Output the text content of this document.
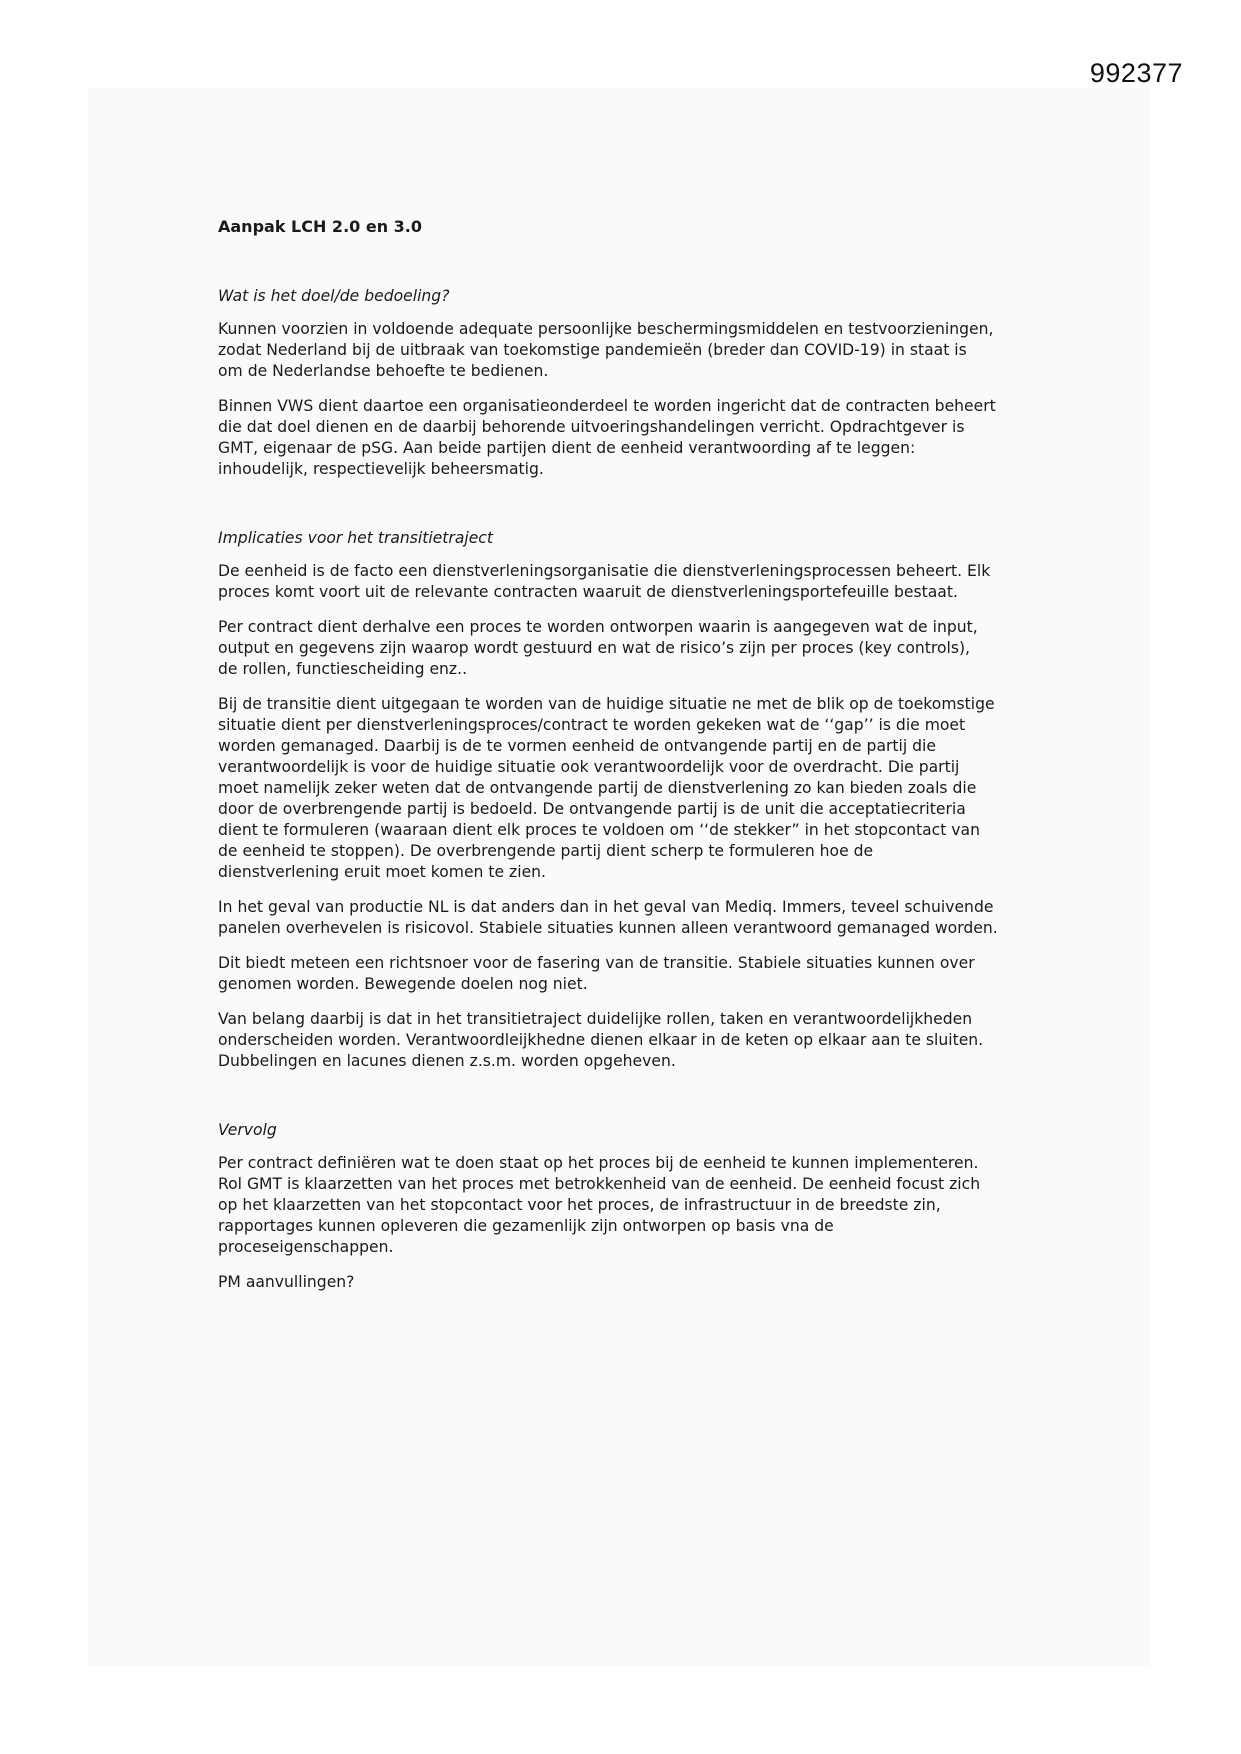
992377
Aanpak LCH 2.0 en 3.0
Wat is het doel/de bedoeling?

Kunnen voorzien in voldoende adequate persoonlijke beschermingsmiddelen en testvoorzieningen,
zodat Nederland bij de uitbraak van toekomstige pandemieën (breder dan COVID-19) in staat is
om de Nederlandse behoefte te bedienen.

Binnen VWS dient daartoe een organisatieonderdeel te worden ingericht dat de contracten beheert
die dat doel dienen en de daarbij behorende uitvoeringshandelingen verricht. Opdrachtgever is
GMT, eigenaar de pSG. Aan beide partijen dient de eenheid verantwoording af te leggen:
inhoudelijk, respectievelijk beheersmatig.

Implicaties voor het transitietraject

De eenheid is de facto een dienstverleningsorganisatie die dienstverleningsprocessen beheert. Elk
proces komt voort uit de relevante contracten waaruit de dienstverleningsportefeuille bestaat.

Per contract dient derhalve een proces te worden ontworpen waarin is aangegeven wat de input,
output en gegevens zijn waarop wordt gestuurd en wat de risico’s zijn per proces (key controls),
de rollen, functiescheiding enz..

Bij de transitie dient uitgegaan te worden van de huidige situatie ne met de blik op de toekomstige
situatie dient per dienstverleningsproces/contract te worden gekeken wat de ‘‘gap’’ is die moet
worden gemanaged. Daarbij is de te vormen eenheid de ontvangende partij en de partij die
verantwoordelijk is voor de huidige situatie ook verantwoordelijk voor de overdracht. Die partij
moet namelijk zeker weten dat de ontvangende partij de dienstverlening zo kan bieden zoals die
door de overbrengende partij is bedoeld. De ontvangende partij is de unit die acceptatiecriteria
dient te formuleren (waaraan dient elk proces te voldoen om ‘‘de stekker” in het stopcontact van
de eenheid te stoppen). De overbrengende partij dient scherp te formuleren hoe de
dienstverlening eruit moet komen te zien.

In het geval van productie NL is dat anders dan in het geval van Mediq. Immers, teveel schuivende
panelen overhevelen is risicovol. Stabiele situaties kunnen alleen verantwoord gemanaged worden.

Dit biedt meteen een richtsnoer voor de fasering van de transitie. Stabiele situaties kunnen over
genomen worden. Bewegende doelen nog niet.

Van belang daarbij is dat in het transitietraject duidelijke rollen, taken en verantwoordelijkheden
onderscheiden worden. Verantwoordleijkhedne dienen elkaar in de keten op elkaar aan te sluiten.
Dubbelingen en lacunes dienen z.s.m. worden opgeheven.

Vervolg

Per contract definiëren wat te doen staat op het proces bij de eenheid te kunnen implementeren.
Rol GMT is klaarzetten van het proces met betrokkenheid van de eenheid. De eenheid focust zich
op het klaarzetten van het stopcontact voor het proces, de infrastructuur in de breedste zin,
rapportages kunnen opleveren die gezamenlijk zijn ontworpen op basis vna de
proceseigenschappen.

PM aanvullingen?
